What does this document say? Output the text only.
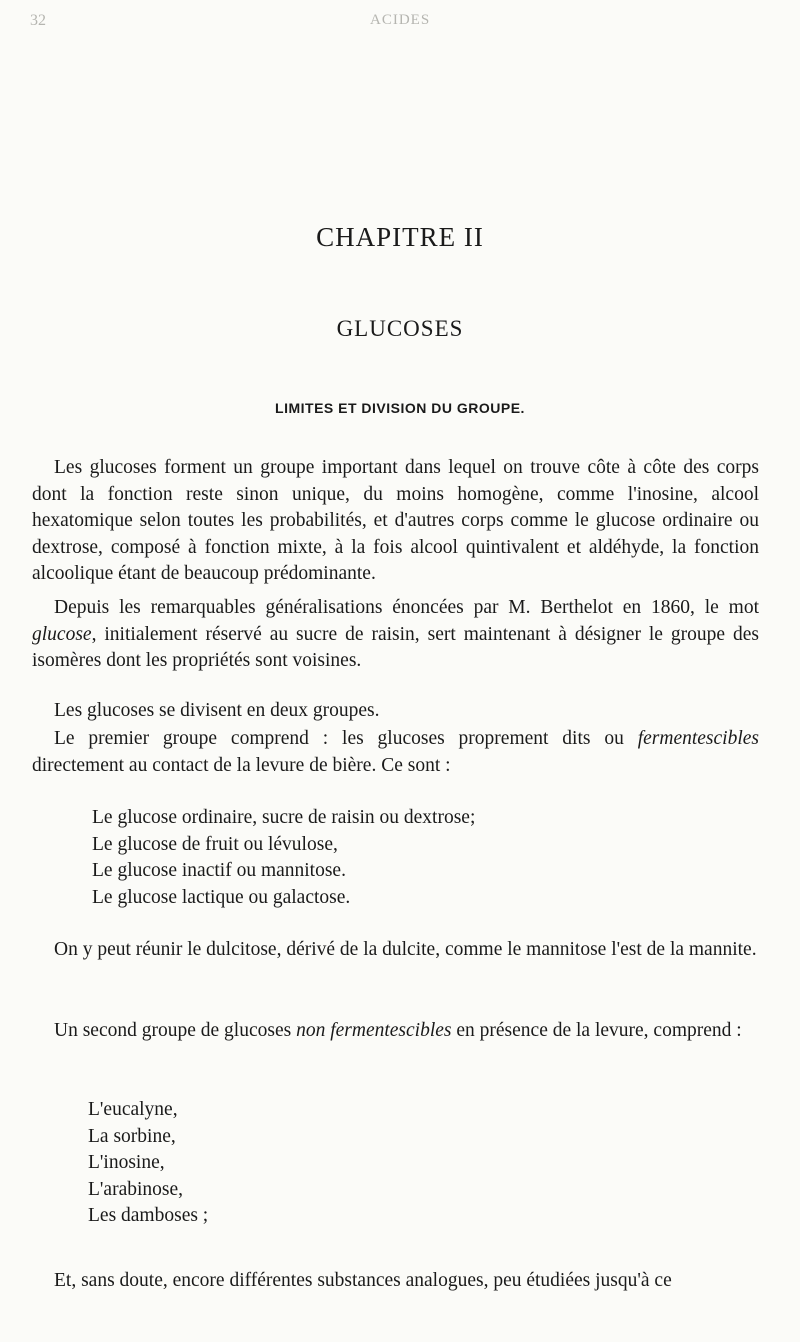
32	ACIDES
CHAPITRE II
GLUCOSES
LIMITES ET DIVISION DU GROUPE.

Les glucoses forment un groupe important dans lequel on trouve côte à côte des corps dont la fonction reste sinon unique, du moins homogène, comme l'inosine, alcool hexatomique selon toutes les probabilités, et d'autres corps comme le glucose ordinaire ou dextrose, composé à fonction mixte, à la fois alcool quintivalent et aldéhyde, la fonction alcoolique étant de beaucoup prédominante.

Depuis les remarquables généralisations énoncées par M. Berthelot en 1860, le mot glucose, initialement réservé au sucre de raisin, sert maintenant à désigner le groupe des isomères dont les propriétés sont voisines.

Les glucoses se divisent en deux groupes.

Le premier groupe comprend : les glucoses proprement dits ou fermentescibles directement au contact de la levure de bière. Ce sont :

Le glucose ordinaire, sucre de raisin ou dextrose;
Le glucose de fruit ou lévulose,
Le glucose inactif ou mannitose.
Le glucose lactique ou galactose.

On y peut réunir le dulcitose, dérivé de la dulcite, comme le mannitose l'est de la mannite.

Un second groupe de glucoses non fermentescibles en présence de la levure, comprend :

L'eucalyne,
La sorbine,
L'inosine,
L'arabinose,
Les damboses ;

Et, sans doute, encore différentes substances analogues, peu étudiées jusqu'à ce
